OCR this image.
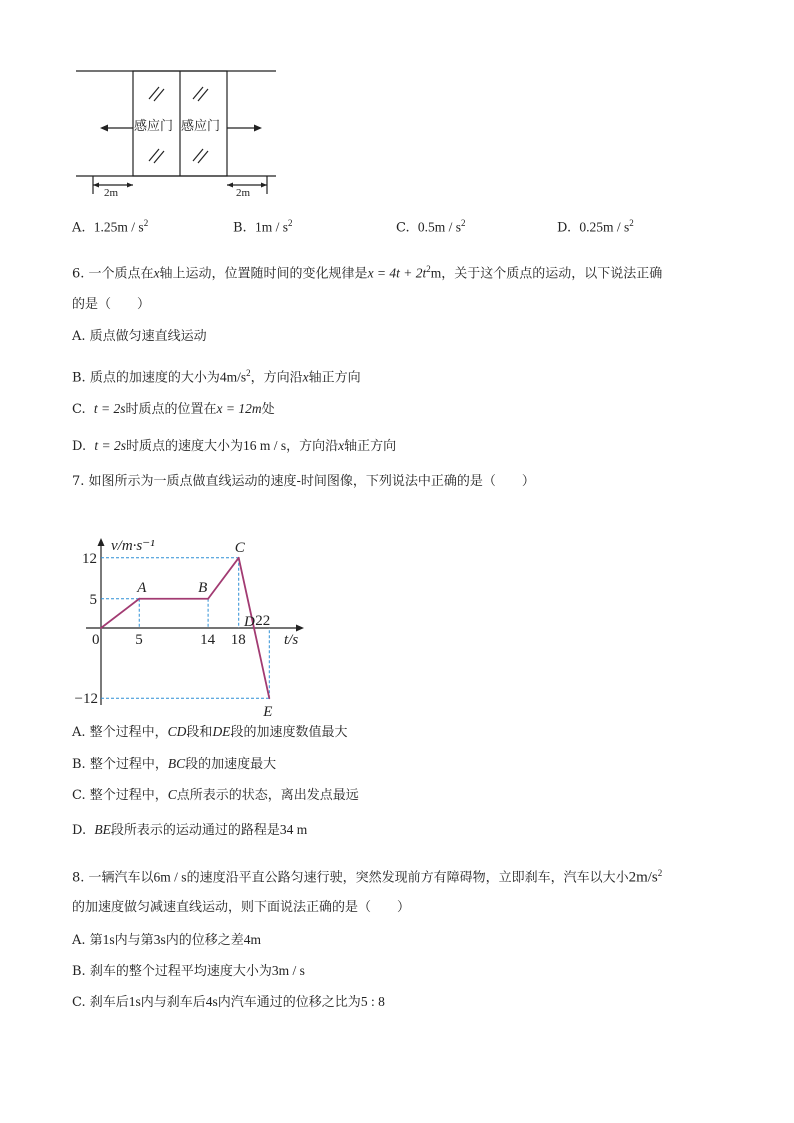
感应门 感应门
2m	2m
A. $1.25m / s^2$	B. $1m / s^2$	C. $0.5m / s^2$	D. $0.25m / s^2$
6. 一个质点在x轴上运动，位置随时间的变化规律是$x = 4t + 2t^2m$，关于这个质点的运动，以下说法正确
的是（　　）
A. 质点做匀速直线运动
B. 质点的加速度的大小为$4m/s^2$，方向沿x轴正方向
C. t = 2s时质点的位置在x = 12m处
D. t = 2s时质点的速度大小为16 m / s，方向沿x轴正方向
7. 如图所示为一质点做直线运动的速度-时间图像，下列说法中正确的是（　　）
v/m·s⁻¹
t/s
A	B
C
D
E
0 5	14 18
22
12
5
−12
A. 整个过程中，CD段和DE段的加速度数值最大
B. 整个过程中，BC段的加速度最大
C. 整个过程中，C点所表示的状态，离出发点最远
D. BE段所表示的运动通过的路程是34 m
8. 一辆汽车以6m / s的速度沿平直公路匀速行驶，突然发现前方有障碍物，立即刹车，汽车以大小$2m/s^2$
的加速度做匀减速直线运动，则下面说法正确的是（　　）
A. 第1s内与第3s内的位移之差4m
B. 刹车的整个过程平均速度大小为3m / s
C. 刹车后1s内与刹车后4s内汽车通过的位移之比为5 : 8
